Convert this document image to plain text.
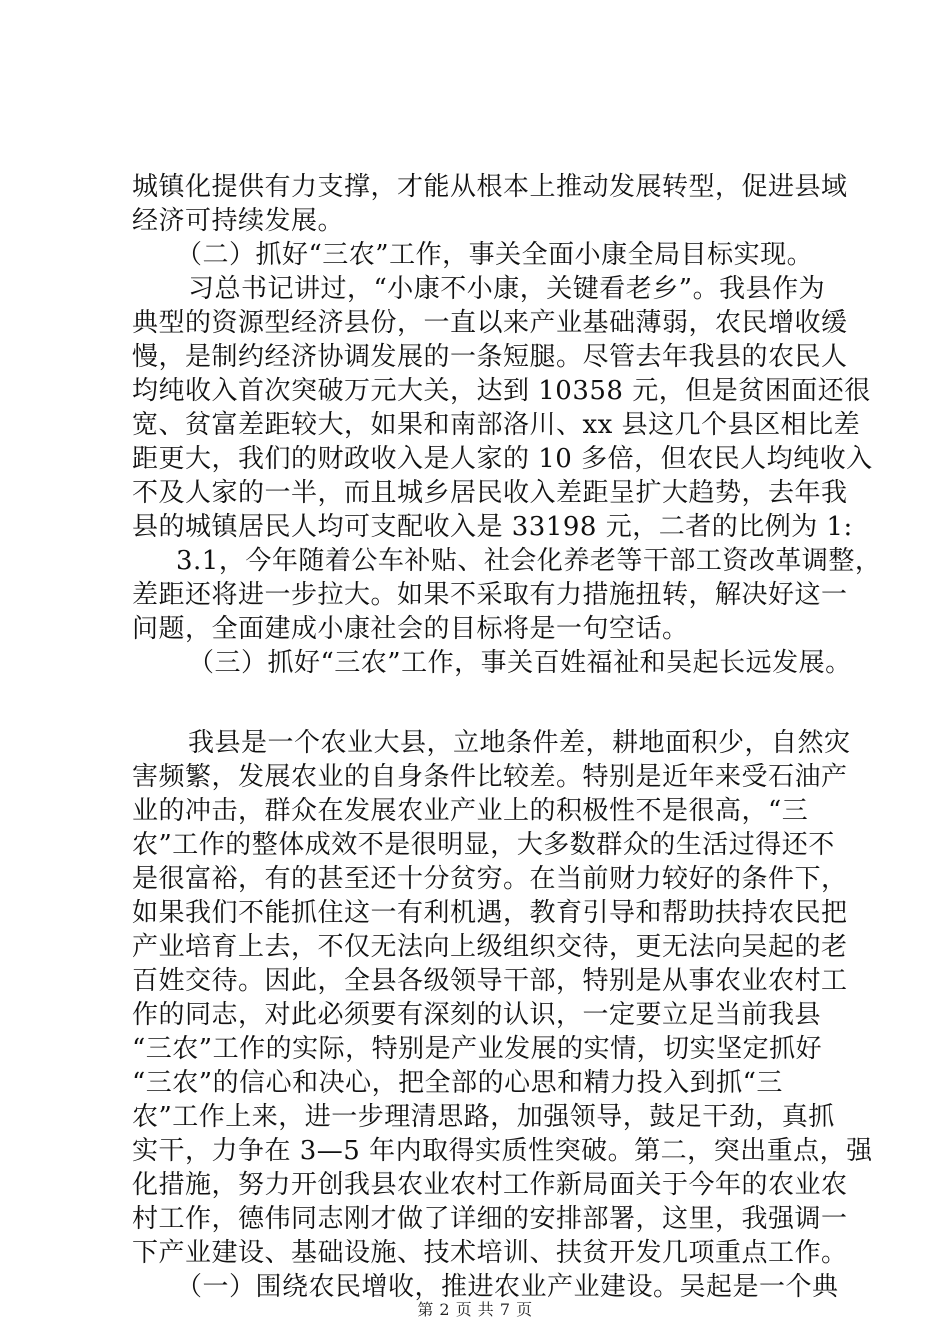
城镇化提供有力支撑，才能从根本上推动发展转型，促进县域
经济可持续发展。
（二）抓好“三农”工作，事关全面小康全局目标实现。
习总书记讲过，“小康不小康，关键看老乡”。我县作为
典型的资源型经济县份，一直以来产业基础薄弱，农民增收缓
慢，是制约经济协调发展的一条短腿。尽管去年我县的农民人
均纯收入首次突破万元大关，达到 10358 元，但是贫困面还很
宽、贫富差距较大，如果和南部洛川、xx 县这几个县区相比差
距更大，我们的财政收入是人家的 10 多倍，但农民人均纯收入
不及人家的一半，而且城乡居民收入差距呈扩大趋势，去年我
县的城镇居民人均可支配收入是 33198 元，二者的比例为 1:
3.1，今年随着公车补贴、社会化养老等干部工资改革调整，
差距还将进一步拉大。如果不采取有力措施扭转，解决好这一
问题，全面建成小康社会的目标将是一句空话。
（三）抓好“三农”工作，事关百姓福祉和吴起长远发展。
我县是一个农业大县，立地条件差，耕地面积少，自然灾
害频繁，发展农业的自身条件比较差。特别是近年来受石油产
业的冲击，群众在发展农业产业上的积极性不是很高，“三
农”工作的整体成效不是很明显，大多数群众的生活过得还不
是很富裕，有的甚至还十分贫穷。在当前财力较好的条件下，
如果我们不能抓住这一有利机遇，教育引导和帮助扶持农民把
产业培育上去，不仅无法向上级组织交待，更无法向吴起的老
百姓交待。因此，全县各级领导干部，特别是从事农业农村工
作的同志，对此必须要有深刻的认识，一定要立足当前我县
“三农”工作的实际，特别是产业发展的实情，切实坚定抓好
“三农”的信心和决心，把全部的心思和精力投入到抓“三
农”工作上来，进一步理清思路，加强领导，鼓足干劲，真抓
实干，力争在 3—5 年内取得实质性突破。第二，突出重点，强
化措施，努力开创我县农业农村工作新局面关于今年的农业农
村工作，德伟同志刚才做了详细的安排部署，这里，我强调一
下产业建设、基础设施、技术培训、扶贫开发几项重点工作。
（一）围绕农民增收，推进农业产业建设。吴起是一个典
第 2 页 共 7 页
